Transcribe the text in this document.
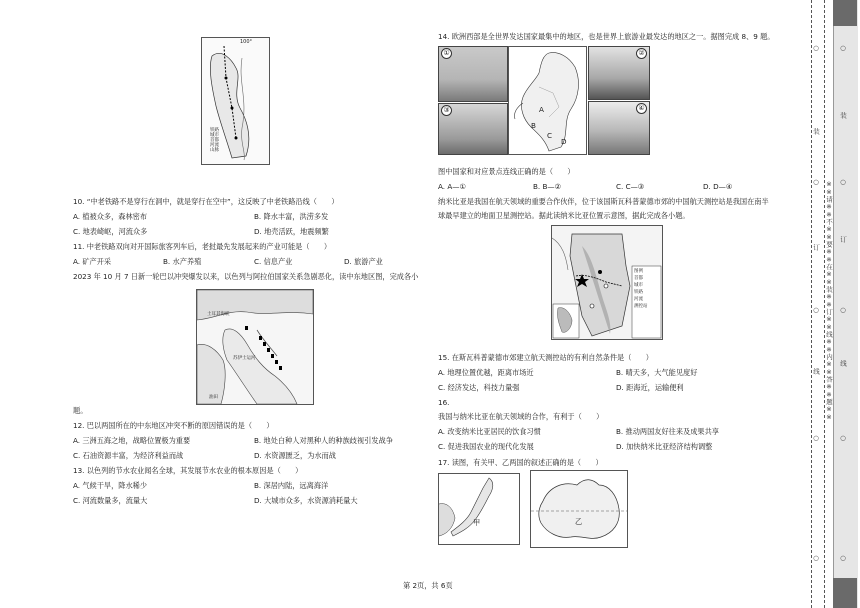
100°
铁路
城市
首都
河流
山脉
10. “中老铁路不是穿行在洞中，就是穿行在空中”，这反映了中老铁路沿线（　　）
A. 植被众多，森林密布	B. 降水丰富，洪涝多发
C. 地表崎岖，河流众多	D. 地壳活跃，地震频繁
11. 中老铁路双向对开国际旅客列车后，老挝最先发展起来的产业可能是（　　）
A. 矿产开采	B. 水产养殖	C. 信息产业	D. 旅游产业
2023 年 10 月 7 日新一轮巴以冲突爆发以来，以色列与阿拉伯国家关系急剧恶化，读中东地区图，完成各小
土耳其海峡
苏伊士运河
油田
题。
12. 巴以两国所在的中东地区冲突不断的原因错误的是（　　）
A. 三洲五海之地，战略位置极为重要	B. 地处白种人对黑种人的种族歧视引发战争
C. 石油资源丰富，为经济利益而战	D. 水资源匮乏，为水而战
13. 以色列的节水农业闻名全球，其发展节水农业的根本原因是（　　）
A. 气候干旱，降水稀少	B. 深居内陆，远离海洋
C. 河流数量多，流量大	D. 大城市众多，水资源消耗量大
14. 欧洲西部是全世界发达国家最集中的地区，也是世界上旅游业最发达的地区之一。据图完成 8、9 题。
①
③	A
B
C
D
②
④
图中国家和对应景点连线正确的是（　　）
A. A—①	B. B—②	C. C—③	D. D—④
纳米比亚是我国在航天领域的重要合作伙伴，位于该国斯瓦科普蒙德市郊的中国航天测控站是我国在南半
球最早建立的地面卫星测控站。据此读纳米比亚位置示意图，据此完成各小题。
图例
首都
城市
铁路
河流
测控站
15. 在斯瓦科普蒙德市郊建立航天测控站的有利自然条件是（　　）
A. 地理位置优越，距离市场近	B. 晴天多，大气能见度好
C. 经济发达，科技力量强	D. 距海近，运输便利
16.
我国与纳米比亚在航天领域的合作，有利于（　　）
A. 改变纳米比亚居民的饮食习惯	B. 推动两国友好往来及成果共享
C. 促进我国农业的现代化发展	D. 加快纳米比亚经济结构调整
17. 读图，有关甲、乙两国的叙述正确的是（　　）
甲	乙
第 2页，共 6页
○
装
○
订
○
线
○
○
※※请※※不※※要※※在※※装※※订※※线※※内※※答※※题※※
○
装
○
订
○
线
○
○
